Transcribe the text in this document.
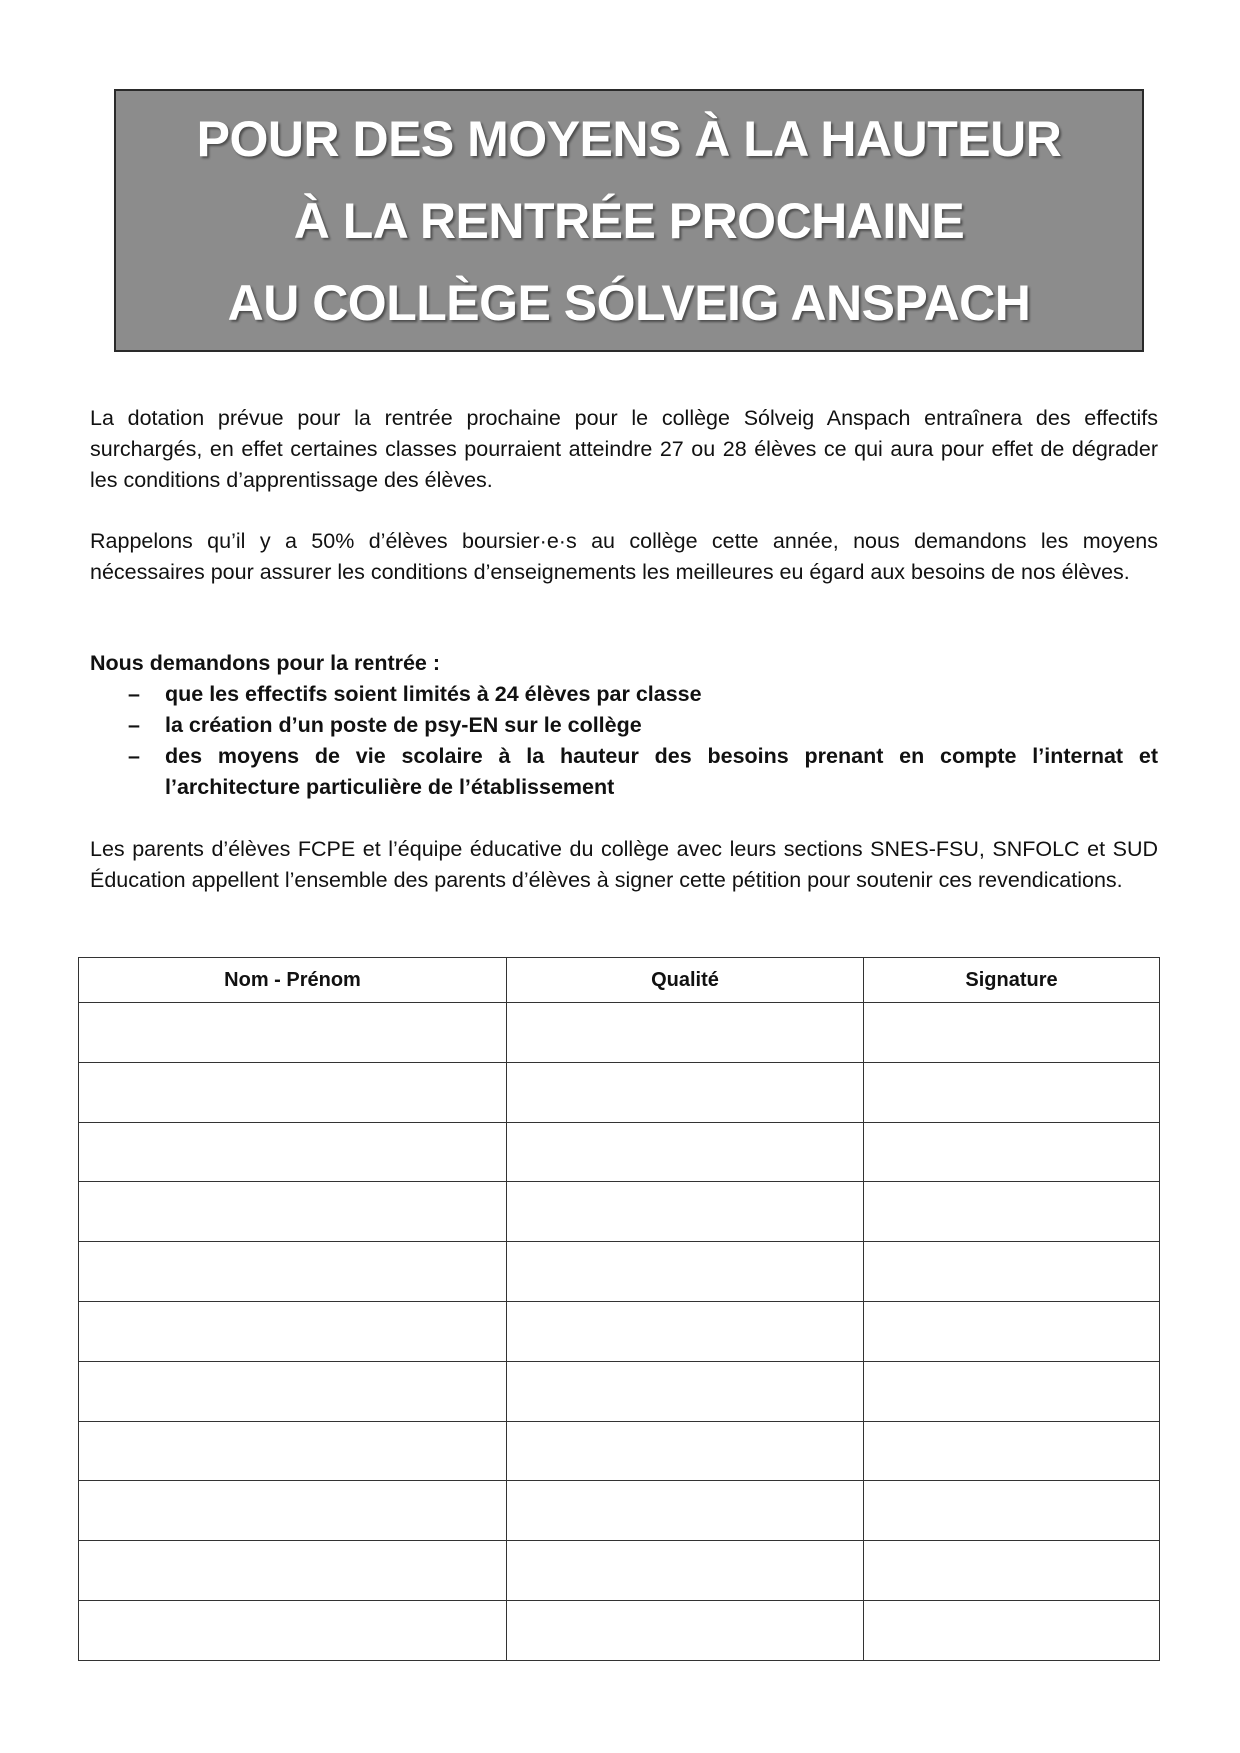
POUR DES MOYENS À LA HAUTEUR
À LA RENTRÉE PROCHAINE
AU COLLÈGE SÓLVEIG ANSPACH

La dotation prévue pour la rentrée prochaine pour le collège Sólveig Anspach entraînera des effectifs surchargés, en effet certaines classes pourraient atteindre 27 ou 28 élèves ce qui aura pour effet de dégrader les conditions d’apprentissage des élèves.

Rappelons qu’il y a 50% d’élèves boursier·e·s au collège cette année, nous demandons les moyens nécessaires pour assurer les conditions d’enseignements les meilleures eu égard aux besoins de nos élèves.

Nous demandons pour la rentrée :

– que les effectifs soient limités à 24 élèves par classe
– la création d’un poste de psy-EN sur le collège
– des moyens de vie scolaire à la hauteur des besoins prenant en compte l’internat et l’architecture particulière de l’établissement

Les parents d’élèves FCPE et l’équipe éducative du collège avec leurs sections SNES-FSU, SNFOLC et SUD Éducation appellent l’ensemble des parents d’élèves à signer cette pétition pour soutenir ces revendications.

Nom - Prénom	Qualité	Signature
